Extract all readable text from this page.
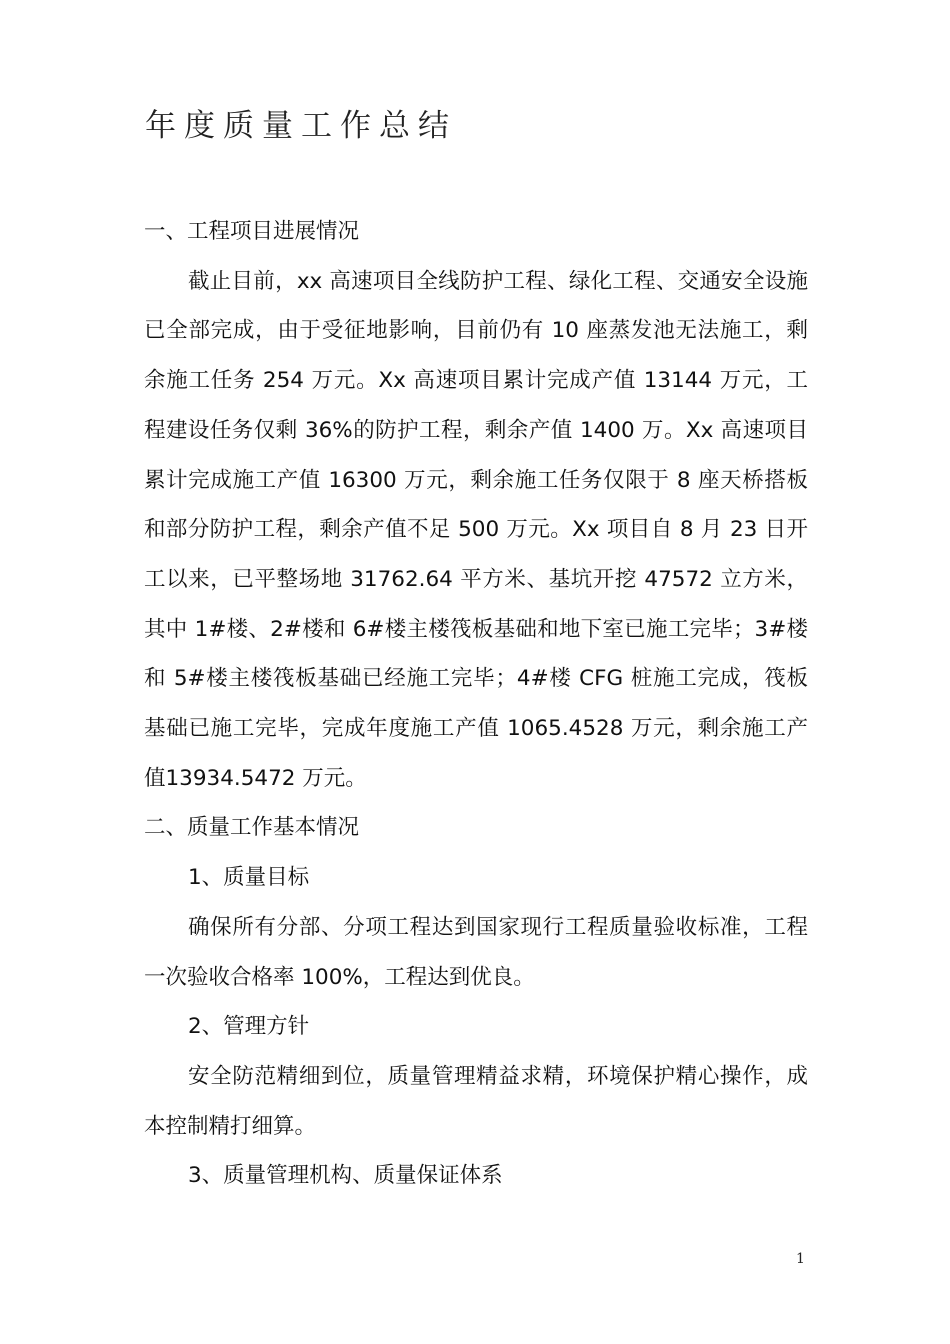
年度质量工作总结

一、工程项目进展情况

截止目前，xx 高速项目全线防护工程、绿化工程、交通安全设施已全部完成，由于受征地影响，目前仍有 10 座蒸发池无法施工，剩余施工任务 254 万元。Xx 高速项目累计完成产值 13144 万元，工程建设任务仅剩 36%的防护工程，剩余产值 1400 万。Xx 高速项目累计完成施工产值 16300 万元，剩余施工任务仅限于 8 座天桥搭板和部分防护工程，剩余产值不足 500 万元。Xx 项目自 8 月 23 日开工以来，已平整场地 31762.64 平方米、基坑开挖 47572 立方米，其中 1#楼、2#楼和 6#楼主楼筏板基础和地下室已施工完毕；3#楼和 5#楼主楼筏板基础已经施工完毕；4#楼 CFG 桩施工完成，筏板基础已施工完毕，完成年度施工产值 1065.4528 万元，剩余施工产值13934.5472 万元。

二、质量工作基本情况

1、质量目标

确保所有分部、分项工程达到国家现行工程质量验收标准，工程一次验收合格率 100%，工程达到优良。

2、管理方针

安全防范精细到位，质量管理精益求精，环境保护精心操作，成本控制精打细算。

3、质量管理机构、质量保证体系

1
